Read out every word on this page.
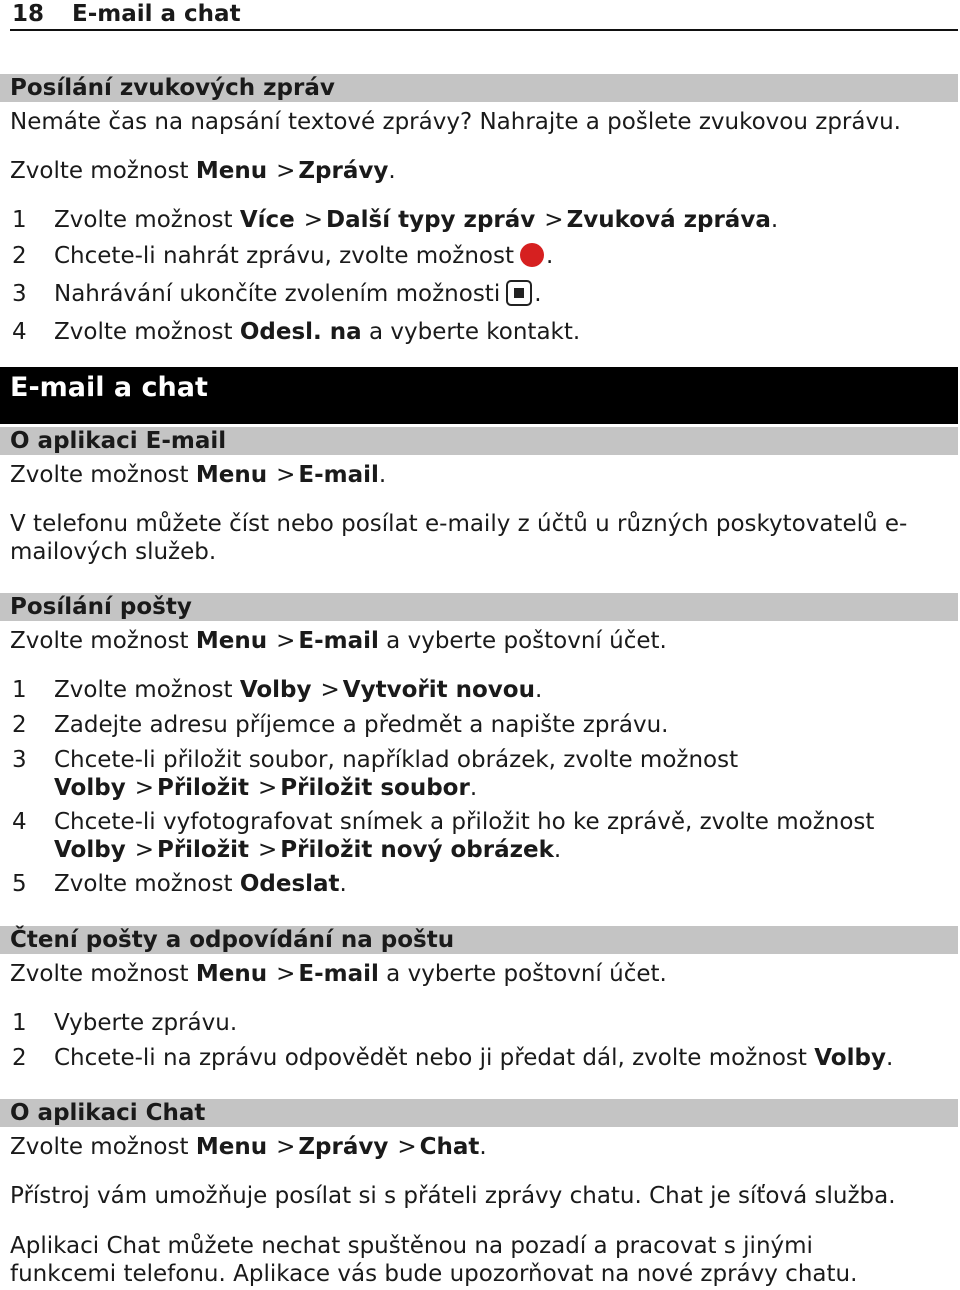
18 E-mail a chat
Posílání zvukových zpráv
Nemáte čas na napsání textové zprávy? Nahrajte a pošlete zvukovou zprávu.
Zvolte možnost Menu > Zprávy.
1 Zvolte možnost Více > Další typy zpráv > Zvuková zpráva.
2 Chcete-li nahrát zprávu, zvolte možnost .
3 Nahrávání ukončíte zvolením možnosti .
4 Zvolte možnost Odesl. na a vyberte kontakt.
E-mail a chat
O aplikaci E-mail
Zvolte možnost Menu > E-mail.
V telefonu můžete číst nebo posílat e-maily z účtů u různých poskytovatelů e-mailových služeb.
Posílání pošty
Zvolte možnost Menu > E-mail a vyberte poštovní účet.
1 Zvolte možnost Volby > Vytvořit novou.
2 Zadejte adresu příjemce a předmět a napište zprávu.
3 Chcete-li přiložit soubor, například obrázek, zvolte možnost Volby > Přiložit > Přiložit soubor.
4 Chcete-li vyfotografovat snímek a přiložit ho ke zprávě, zvolte možnost Volby > Přiložit > Přiložit nový obrázek.
5 Zvolte možnost Odeslat.
Čtení pošty a odpovídání na poštu
Zvolte možnost Menu > E-mail a vyberte poštovní účet.
1 Vyberte zprávu.
2 Chcete-li na zprávu odpovědět nebo ji předat dál, zvolte možnost Volby.
O aplikaci Chat
Zvolte možnost Menu > Zprávy > Chat.
Přístroj vám umožňuje posílat si s přáteli zprávy chatu. Chat je síťová služba.
Aplikaci Chat můžete nechat spuštěnou na pozadí a pracovat s jinými funkcemi telefonu. Aplikace vás bude upozorňovat na nové zprávy chatu.
